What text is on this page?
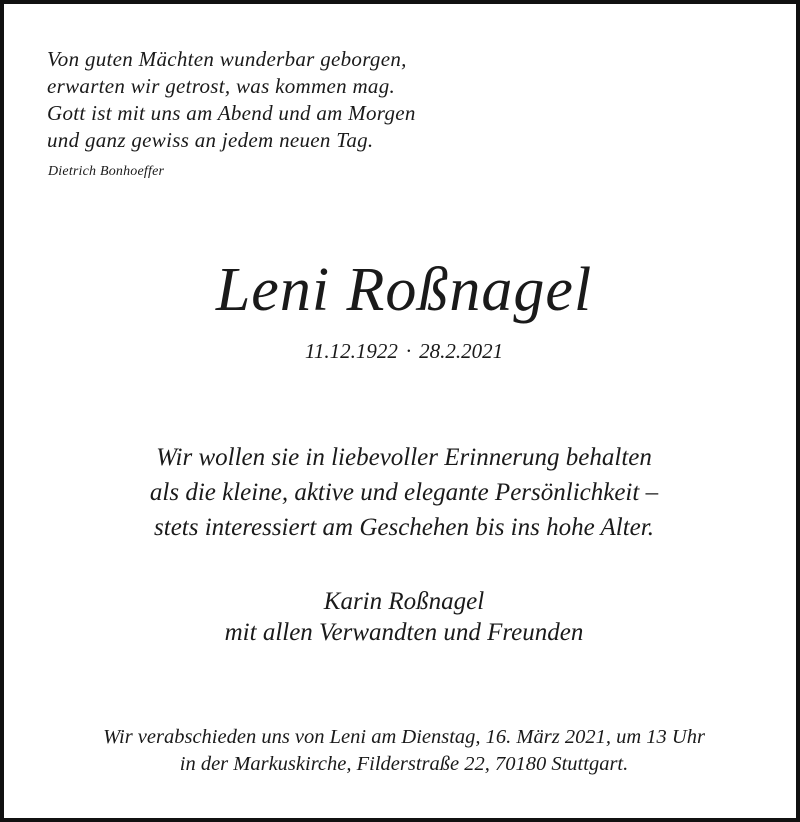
Von guten Mächten wunderbar geborgen,
erwarten wir getrost, was kommen mag.
Gott ist mit uns am Abend und am Morgen
und ganz gewiss an jedem neuen Tag.
Dietrich Bonhoeffer
Leni Roßnagel
11.12.1922 · 28.2.2021
Wir wollen sie in liebevoller Erinnerung behalten
als die kleine, aktive und elegante Persönlichkeit –
stets interessiert am Geschehen bis ins hohe Alter.
Karin Roßnagel
mit allen Verwandten und Freunden
Wir verabschieden uns von Leni am Dienstag, 16. März 2021, um 13 Uhr
in der Markuskirche, Filderstraße 22, 70180 Stuttgart.
